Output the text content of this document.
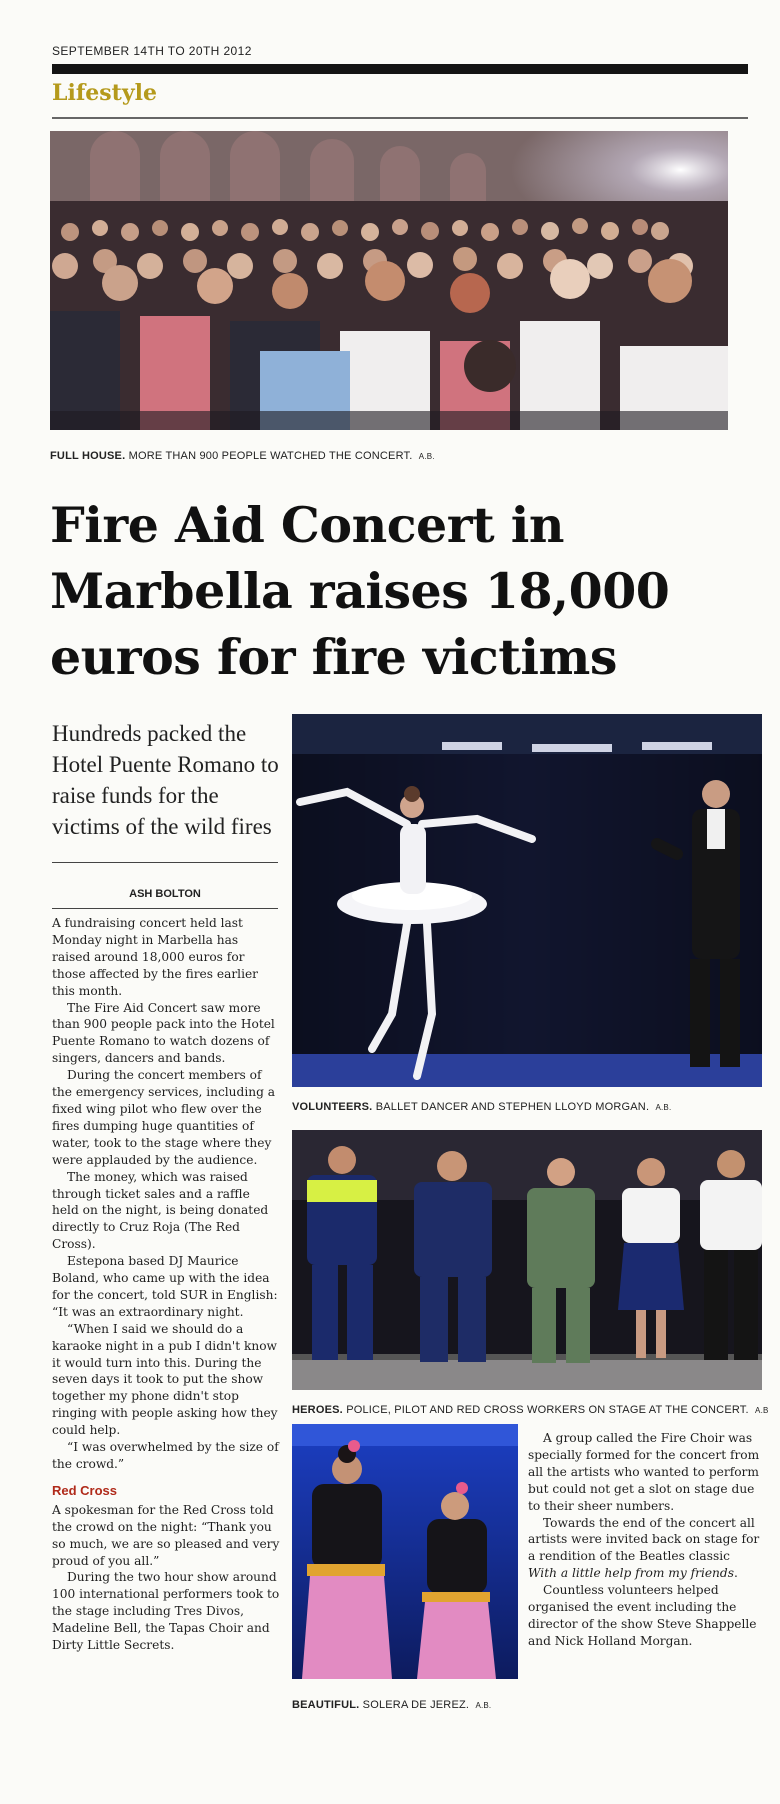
SEPTEMBER 14TH TO 20TH 2012
Lifestyle
FULL HOUSE. MORE THAN 900 PEOPLE WATCHED THE CONCERT. A.B.
Fire Aid Concert in Marbella raises 18,000 euros for fire victims
Hundreds packed the Hotel Puente Romano to raise funds for the victims of the wild fires
ASH BOLTON

A fundraising concert held last Monday night in Marbella has raised around 18,000 euros for those affected by the fires earlier this month.

The Fire Aid Concert saw more than 900 people pack into the Hotel Puente Romano to watch dozens of singers, dancers and bands.

During the concert members of the emergency services, including a fixed wing pilot who flew over the fires dumping huge quantities of water, took to the stage where they were applauded by the audience.

The money, which was raised through ticket sales and a raffle held on the night, is being donated directly to Cruz Roja (The Red Cross).

Estepona based DJ Maurice Boland, who came up with the idea for the concert, told SUR in English: “It was an extraordinary night.

“When I said we should do a karaoke night in a pub I didn't know it would turn into this. During the seven days it took to put the show together my phone didn't stop ringing with people asking how they could help.

“I was overwhelmed by the size of the crowd.”

Red Cross

A spokesman for the Red Cross told the crowd on the night: “Thank you so much, we are so pleased and very proud of you all.”

During the two hour show around 100 international performers took to the stage including Tres Divos, Madeline Bell, the Tapas Choir and Dirty Little Secrets.

VOLUNTEERS. BALLET DANCER AND STEPHEN LLOYD MORGAN. A.B.
HEROES. POLICE, PILOT AND RED CROSS WORKERS ON STAGE AT THE CONCERT. A.B
BEAUTIFUL. SOLERA DE JEREZ. A.B.

A group called the Fire Choir was specially formed for the concert from all the artists who wanted to perform but could not get a slot on stage due to their sheer numbers.

Towards the end of the concert all artists were invited back on stage for a rendition of the Beatles classic With a little help from my friends.

Countless volunteers helped organised the event including the director of the show Steve Shappelle and Nick Holland Morgan.
